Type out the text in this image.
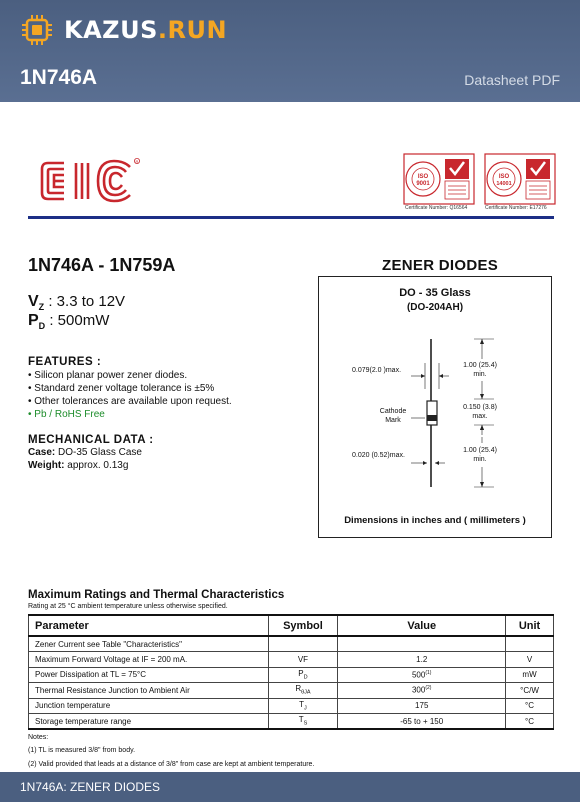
KAZUS.RUN
1N746A	Datasheet PDF
R
ISO
9001
Certificate Number: Q16564
ISO
14001
Certificate Number: E17276
1N746A - 1N759A
$V_Z$ : 3.3 to 12V
$P_D$ : 500mW
FEATURES :
• Silicon planar power zener diodes.
• Standard zener voltage tolerance is ±5%
• Other tolerances are available upon request.
• Pb / RoHS Free
MECHANICAL DATA :
Case: DO-35 Glass Case
Weight: approx. 0.13g
ZENER DIODES
DO - 35 Glass
(DO-204AH)
0.079(2.0 )max.
1.00 (25.4)
min.
Cathode
Mark
0.150 (3.8)
max.
0.020 (0.52)max.
1.00 (25.4)
min.
Dimensions in inches and ( millimeters )
Maximum Ratings and Thermal Characteristics
Rating at 25 °C ambient temperature unless otherwise specified.
Parameter	Symbol	Value	Unit
Zener Current see Table "Characteristics"			
Maximum Forward Voltage at IF = 200 mA.	VF	1.2	V
Power Dissipation at TL = 75°C	$P_D$	500$^{(1)}$	mW
Thermal Resistance Junction to Ambient Air	$R_{\theta JA}$	300$^{(2)}$	°C/W
Junction temperature	$T_J$	175	°C
Storage temperature range	$T_S$	-65 to + 150	°C
Notes:
(1) TL is measured 3/8" from body.
(2) Valid provided that leads at a distance of 3/8" from case are kept at ambient temperature.
1N746A: ZENER DIODES
